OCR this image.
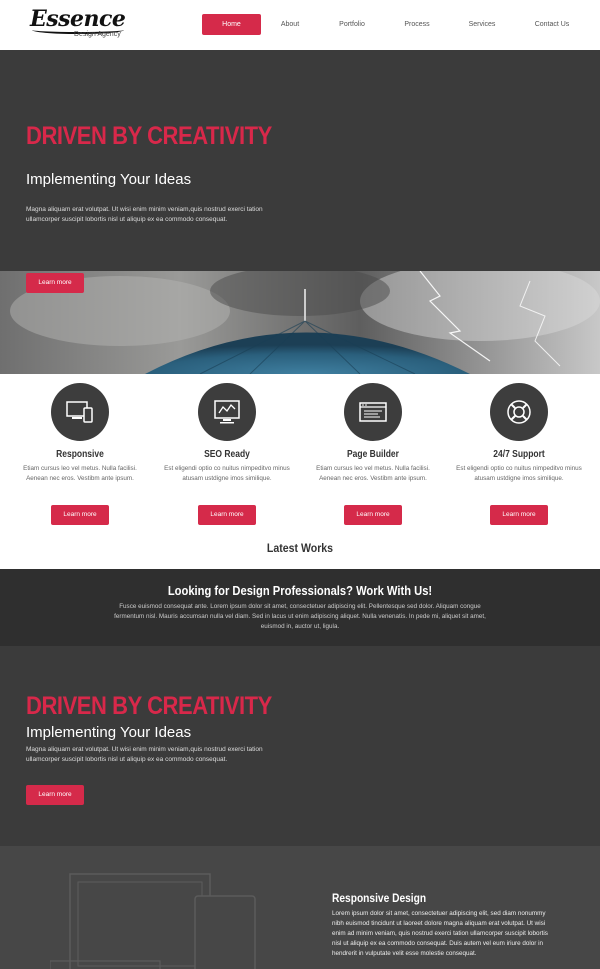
Essence
Design Agency
Home	About	Portfolio	Process	Services	Contact Us
DRIVEN BY CREATIVITY
Implementing Your Ideas
Magna aliquam erat volutpat. Ut wisi enim minim veniam,quis nostrud exerci tation ullamcorper suscipit lobortis nisl ut aliquip ex ea commodo consequat.
Learn more
Responsive
Etiam cursus leo vel metus. Nulla facilisi. Aenean nec eros. Vestibm ante ipsum.
Learn more
SEO Ready
Est eligendi optio co nuitus nimpeditvo minus atusam ustdigne imos similique.
Learn more
Page Builder
Etiam cursus leo vel metus. Nulla facilisi. Aenean nec eros. Vestibm ante ipsum.
Learn more
24/7 Support
Est eligendi optio co nuitus nimpeditvo minus atusam ustdigne imos similique.
Learn more
Latest Works
Looking for Design Professionals? Work With Us!
Fusce euismod consequat ante. Lorem ipsum dolor sit amet, consectetuer adipiscing elit. Pellentesque sed dolor. Aliquam congue fermentum nisl. Mauris accumsan nulla vel diam. Sed in lacus ut enim adipiscing aliquet. Nulla venenatis. In pede mi, aliquet sit amet, euismod in, auctor ut, ligula.
DRIVEN BY CREATIVITY
Implementing Your Ideas
Magna aliquam erat volutpat. Ut wisi enim minim veniam,quis nostrud exerci tation ullamcorper suscipit lobortis nisl ut aliquip ex ea commodo consequat.
Learn more
Responsive Design
Lorem ipsum dolor sit amet, consectetuer adipiscing elit, sed diam nonummy nibh euismod tincidunt ut laoreet dolore magna aliquam erat volutpat. Ut wisi enim ad minim veniam, quis nostrud exerci tation ullamcorper suscipit lobortis nisl ut aliquip ex ea commodo consequat. Duis autem vel eum iriure dolor in hendrerit in vulputate velit esse molestie consequat.
